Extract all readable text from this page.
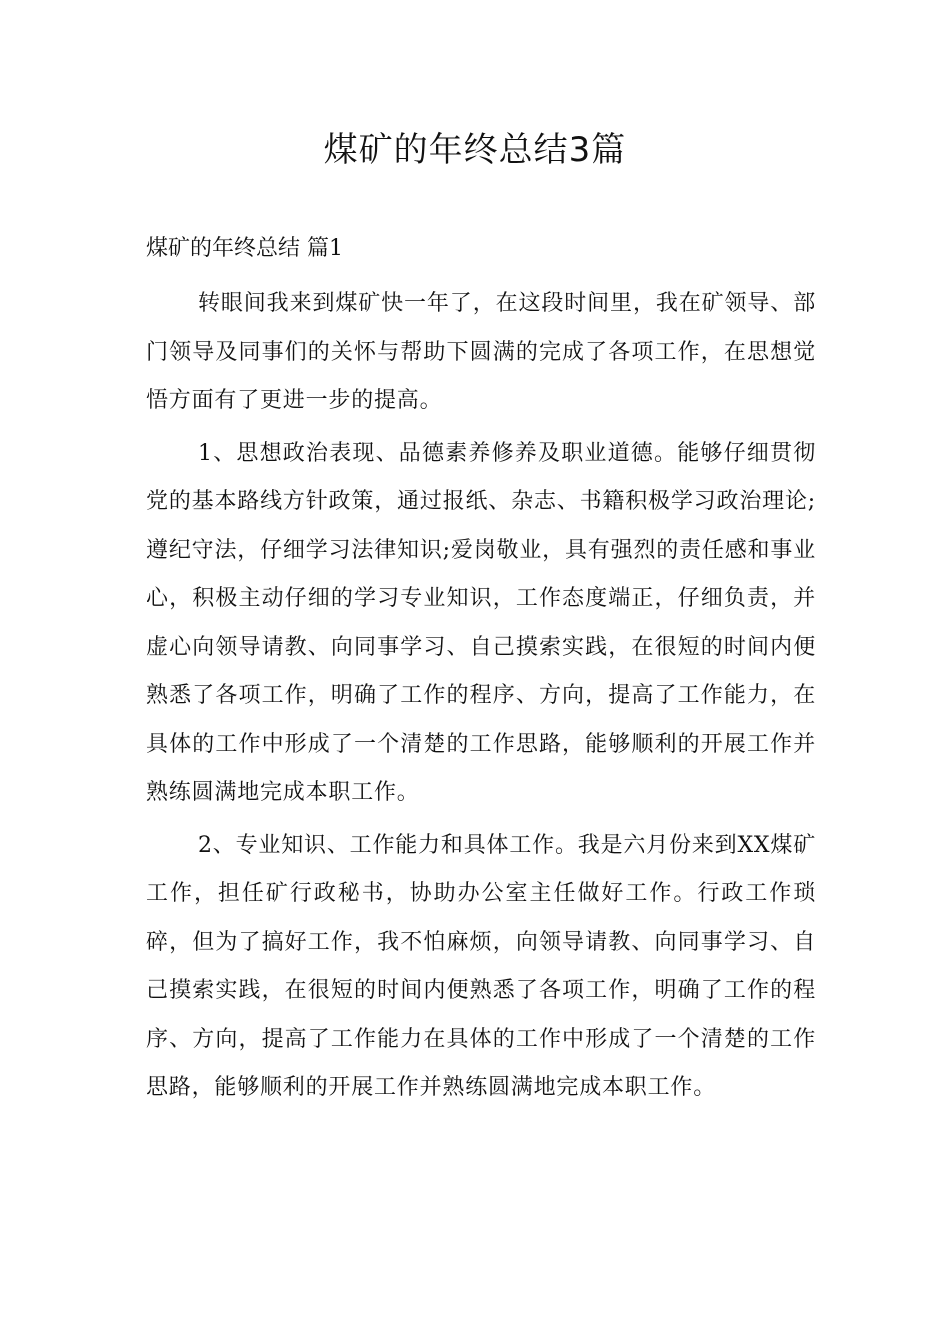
煤矿的年终总结3篇
煤矿的年终总结 篇1

转眼间我来到煤矿快一年了，在这段时间里，我在矿领导、部门领导及同事们的关怀与帮助下圆满的完成了各项工作，在思想觉悟方面有了更进一步的提高。

1、思想政治表现、品德素养修养及职业道德。能够仔细贯彻党的基本路线方针政策，通过报纸、杂志、书籍积极学习政治理论;遵纪守法，仔细学习法律知识;爱岗敬业，具有强烈的责任感和事业心，积极主动仔细的学习专业知识，工作态度端正，仔细负责，并虚心向领导请教、向同事学习、自己摸索实践，在很短的时间内便熟悉了各项工作，明确了工作的程序、方向，提高了工作能力，在具体的工作中形成了一个清楚的工作思路，能够顺利的开展工作并熟练圆满地完成本职工作。

2、专业知识、工作能力和具体工作。我是六月份来到XX煤矿工作，担任矿行政秘书，协助办公室主任做好工作。行政工作琐碎，但为了搞好工作，我不怕麻烦，向领导请教、向同事学习、自己摸索实践，在很短的时间内便熟悉了各项工作，明确了工作的程序、方向，提高了工作能力在具体的工作中形成了一个清楚的工作思路，能够顺利的开展工作并熟练圆满地完成本职工作。
